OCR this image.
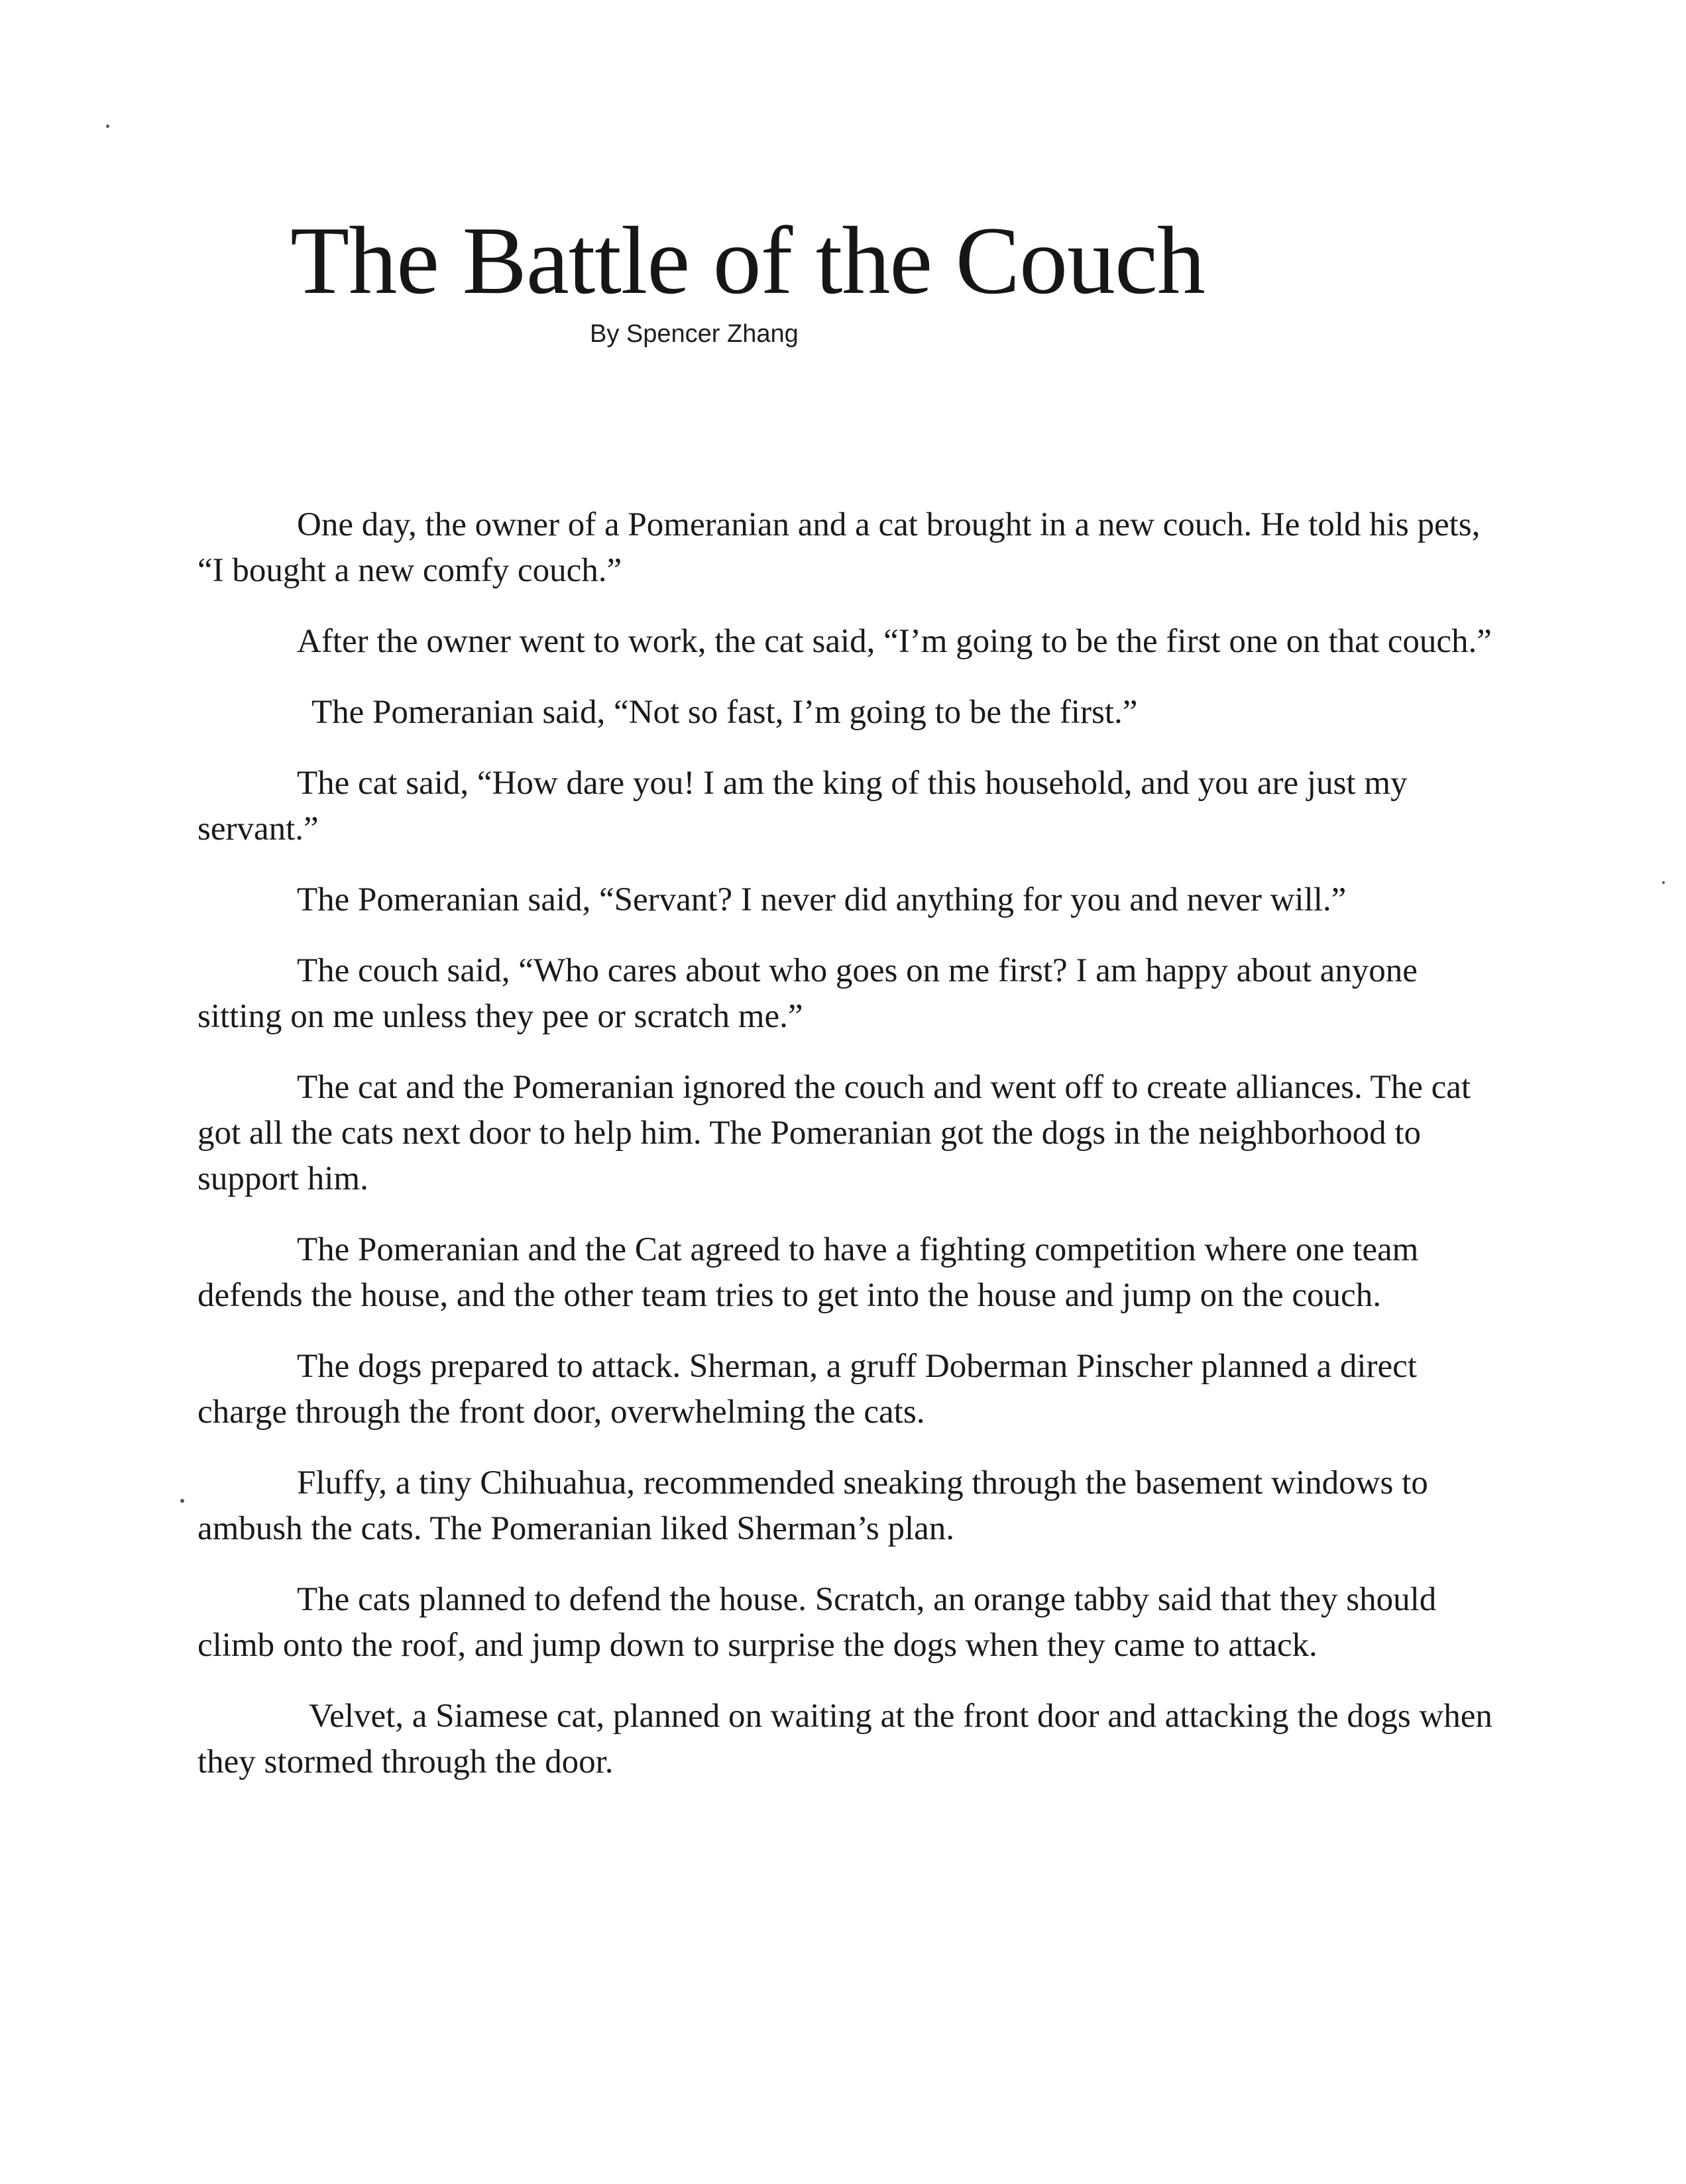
The Battle of the Couch

By Spencer Zhang

One day, the owner of a Pomeranian and a cat brought in a new couch. He told his pets, “I bought a new comfy couch.”

After the owner went to work, the cat said, “I’m going to be the first one on that couch.”

The Pomeranian said, “Not so fast, I’m going to be the first.”

The cat said, “How dare you! I am the king of this household, and you are just my servant.”

The Pomeranian said, “Servant? I never did anything for you and never will.”

The couch said, “Who cares about who goes on me first? I am happy about anyone sitting on me unless they pee or scratch me.”

The cat and the Pomeranian ignored the couch and went off to create alliances. The cat got all the cats next door to help him. The Pomeranian got the dogs in the neighborhood to support him.

The Pomeranian and the Cat agreed to have a fighting competition where one team defends the house, and the other team tries to get into the house and jump on the couch.

The dogs prepared to attack. Sherman, a gruff Doberman Pinscher planned a direct charge through the front door, overwhelming the cats.

Fluffy, a tiny Chihuahua, recommended sneaking through the basement windows to ambush the cats. The Pomeranian liked Sherman’s plan.

The cats planned to defend the house. Scratch, an orange tabby said that they should climb onto the roof, and jump down to surprise the dogs when they came to attack.

Velvet, a Siamese cat, planned on waiting at the front door and attacking the dogs when they stormed through the door.
